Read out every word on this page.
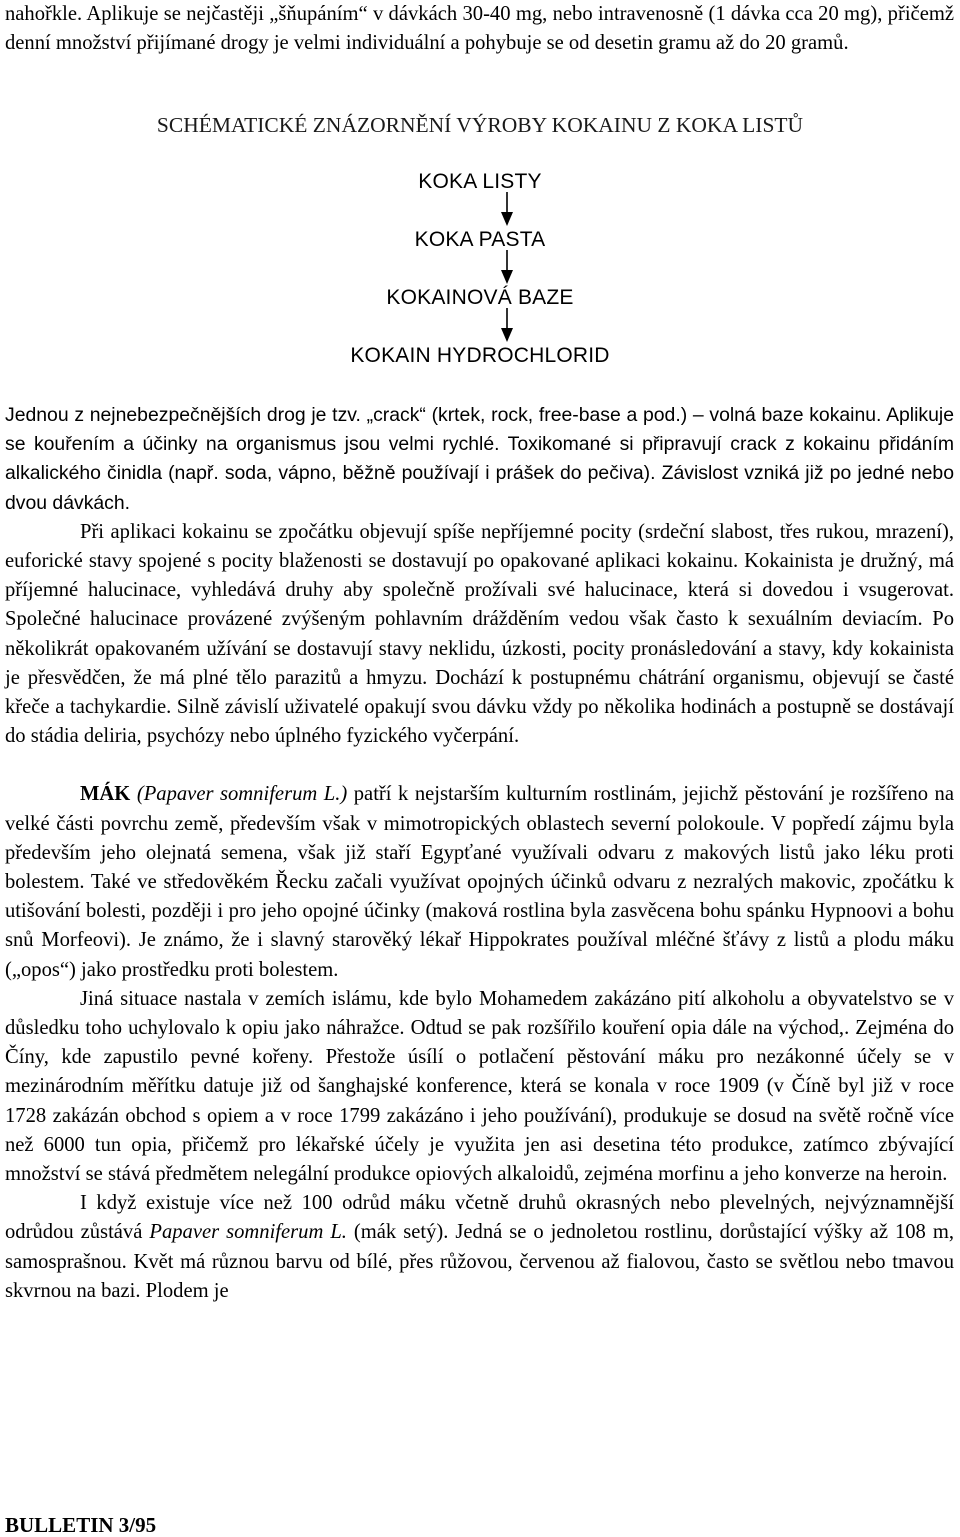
nahořkle. Aplikuje se nejčastěji „šňupáním“ v dávkách 30-40 mg, nebo intravenosně (1 dávka cca 20 mg), přičemž denní množství přijímané drogy je velmi individuální a pohybuje se od desetin gramu až do 20 gramů.

SCHÉMATICKÉ ZNÁZORNĚNÍ VÝROBY KOKAINU Z KOKA LISTŮ
KOKA LISTY
KOKA PASTA
KOKAINOVÁ BAZE
KOKAIN HYDROCHLORID

Jednou z nejnebezpečnějších drog je tzv. „crack“ (krtek, rock, free-base a pod.) – volná baze kokainu. Aplikuje se kouřením a účinky na organismus jsou velmi rychlé. Toxikomané si připravují crack z kokainu přidáním alkalického činidla (např. soda, vápno, běžně používají i prášek do pečiva). Závislost vzniká již po jedné nebo dvou dávkách.

Při aplikaci kokainu se zpočátku objevují spíše nepříjemné pocity (srdeční slabost, třes rukou, mrazení), euforické stavy spojené s pocity blaženosti se dostavují po opakované aplikaci kokainu. Kokainista je družný, má příjemné halucinace, vyhledává druhy aby společně prožívali své halucinace, která si dovedou i vsugerovat. Společné halucinace provázené zvýšeným pohlavním drážděním vedou však často k sexuálním deviacím. Po několikrát opakovaném užívání se dostavují stavy neklidu, úzkosti, pocity pronásledování a stavy, kdy kokainista je přesvědčen, že má plné tělo parazitů a hmyzu. Dochází k postupnému chátrání organismu, objevují se časté křeče a tachykardie. Silně závislí uživatelé opakují svou dávku vždy po několika hodinách a postupně se dostávají do stádia deliria, psychózy nebo úplného fyzického vyčerpání.

MÁK (Papaver somniferum L.) patří k nejstarším kulturním rostlinám, jejichž pěstování je rozšířeno na velké části povrchu země, především však v mimotropických oblastech severní polokoule. V popředí zájmu byla především jeho olejnatá semena, však již staří Egypťané využívali odvaru z makových listů jako léku proti bolestem. Také ve středověkém Řecku začali využívat opojných účinků odvaru z nezralých makovic, zpočátku k utišování bolesti, později i pro jeho opojné účinky (maková rostlina byla zasvěcena bohu spánku Hypnoovi a bohu snů Morfeovi). Je známo, že i slavný starověký lékař Hippokrates používal mléčné šťávy z listů a plodu máku („opos“) jako prostředku proti bolestem.

Jiná situace nastala v zemích islámu, kde bylo Mohamedem zakázáno pití alkoholu a obyvatelstvo se v důsledku toho uchylovalo k opiu jako náhražce. Odtud se pak rozšířilo kouření opia dále na východ,. Zejména do Číny, kde zapustilo pevné kořeny. Přestože úsílí o potlačení pěstování máku pro nezákonné účely se v mezinárodním měřítku datuje již od šanghajské konference, která se konala v roce 1909 (v Číně byl již v roce 1728 zakázán obchod s opiem a v roce 1799 zakázáno i jeho používání), produkuje se dosud na světě ročně více než 6000 tun opia, přičemž pro lékařské účely je využita jen asi desetina této produkce, zatímco zbývající množství se stává předmětem nelegální produkce opiových alkaloidů, zejména morfinu a jeho konverze na heroin.

I když existuje více než 100 odrůd máku včetně druhů okrasných nebo plevelných, nejvýznamnější odrůdou zůstává Papaver somniferum L. (mák setý). Jedná se o jednoletou rostlinu, dorůstající výšky až 108 m, samosprašnou. Květ má různou barvu od bílé, přes růžovou, červenou až fialovou, často se světlou nebo tmavou skvrnou na bazi. Plodem je

BULLETIN 3/95
